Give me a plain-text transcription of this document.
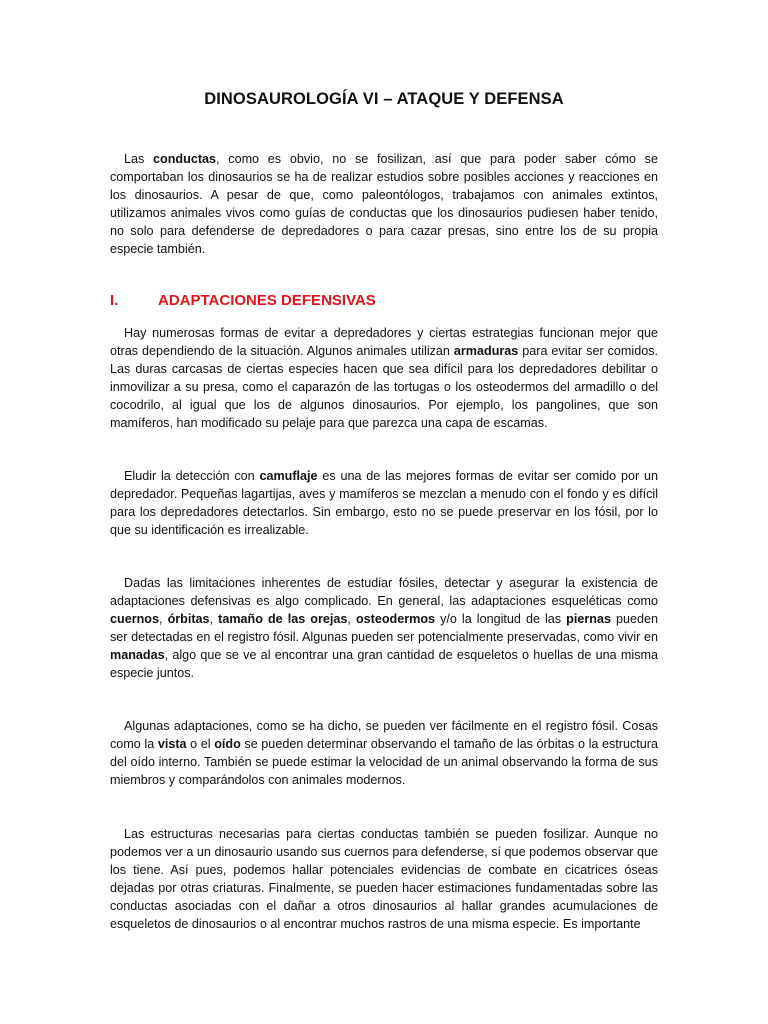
DINOSAUROLOGÍA VI – ATAQUE Y DEFENSA
Las conductas, como es obvio, no se fosilizan, así que para poder saber cómo se comportaban los dinosaurios se ha de realizar estudios sobre posibles acciones y reacciones en los dinosaurios. A pesar de que, como paleontólogos, trabajamos con animales extintos, utilizamos animales vivos como guías de conductas que los dinosaurios pudiesen haber tenido, no solo para defenderse de depredadores o para cazar presas, sino entre los de su propia especie también.
I.	ADAPTACIONES DEFENSIVAS
Hay numerosas formas de evitar a depredadores y ciertas estrategias funcionan mejor que otras dependiendo de la situación. Algunos animales utilizan armaduras para evitar ser comidos. Las duras carcasas de ciertas especies hacen que sea difícil para los depredadores debilitar o inmovilizar a su presa, como el caparazón de las tortugas o los osteodermos del armadillo o del cocodrilo, al igual que los de algunos dinosaurios. Por ejemplo, los pangolines, que son mamíferos, han modificado su pelaje para que parezca una capa de escamas.
Eludir la detección con camuflaje es una de las mejores formas de evitar ser comido por un depredador. Pequeñas lagartijas, aves y mamíferos se mezclan a menudo con el fondo y es difícil para los depredadores detectarlos. Sin embargo, esto no se puede preservar en los fósil, por lo que su identificación es irrealizable.
Dadas las limitaciones inherentes de estudiar fósiles, detectar y asegurar la existencia de adaptaciones defensivas es algo complicado. En general, las adaptaciones esqueléticas como cuernos, órbitas, tamaño de las orejas, osteodermos y/o la longitud de las piernas pueden ser detectadas en el registro fósil. Algunas pueden ser potencialmente preservadas, como vivir en manadas, algo que se ve al encontrar una gran cantidad de esqueletos o huellas de una misma especie juntos.
Algunas adaptaciones, como se ha dicho, se pueden ver fácilmente en el registro fósil. Cosas como la vista o el oído se pueden determinar observando el tamaño de las órbitas o la estructura del oído interno. También se puede estimar la velocidad de un animal observando la forma de sus miembros y comparándolos con animales modernos.
Las estructuras necesarias para ciertas conductas también se pueden fosilizar. Aunque no podemos ver a un dinosaurio usando sus cuernos para defenderse, sí que podemos observar que los tiene. Así pues, podemos hallar potenciales evidencias de combate en cicatrices óseas dejadas por otras criaturas. Finalmente, se pueden hacer estimaciones fundamentadas sobre las conductas asociadas con el dañar a otros dinosaurios al hallar grandes acumulaciones de esqueletos de dinosaurios o al encontrar muchos rastros de una misma especie. Es importante
